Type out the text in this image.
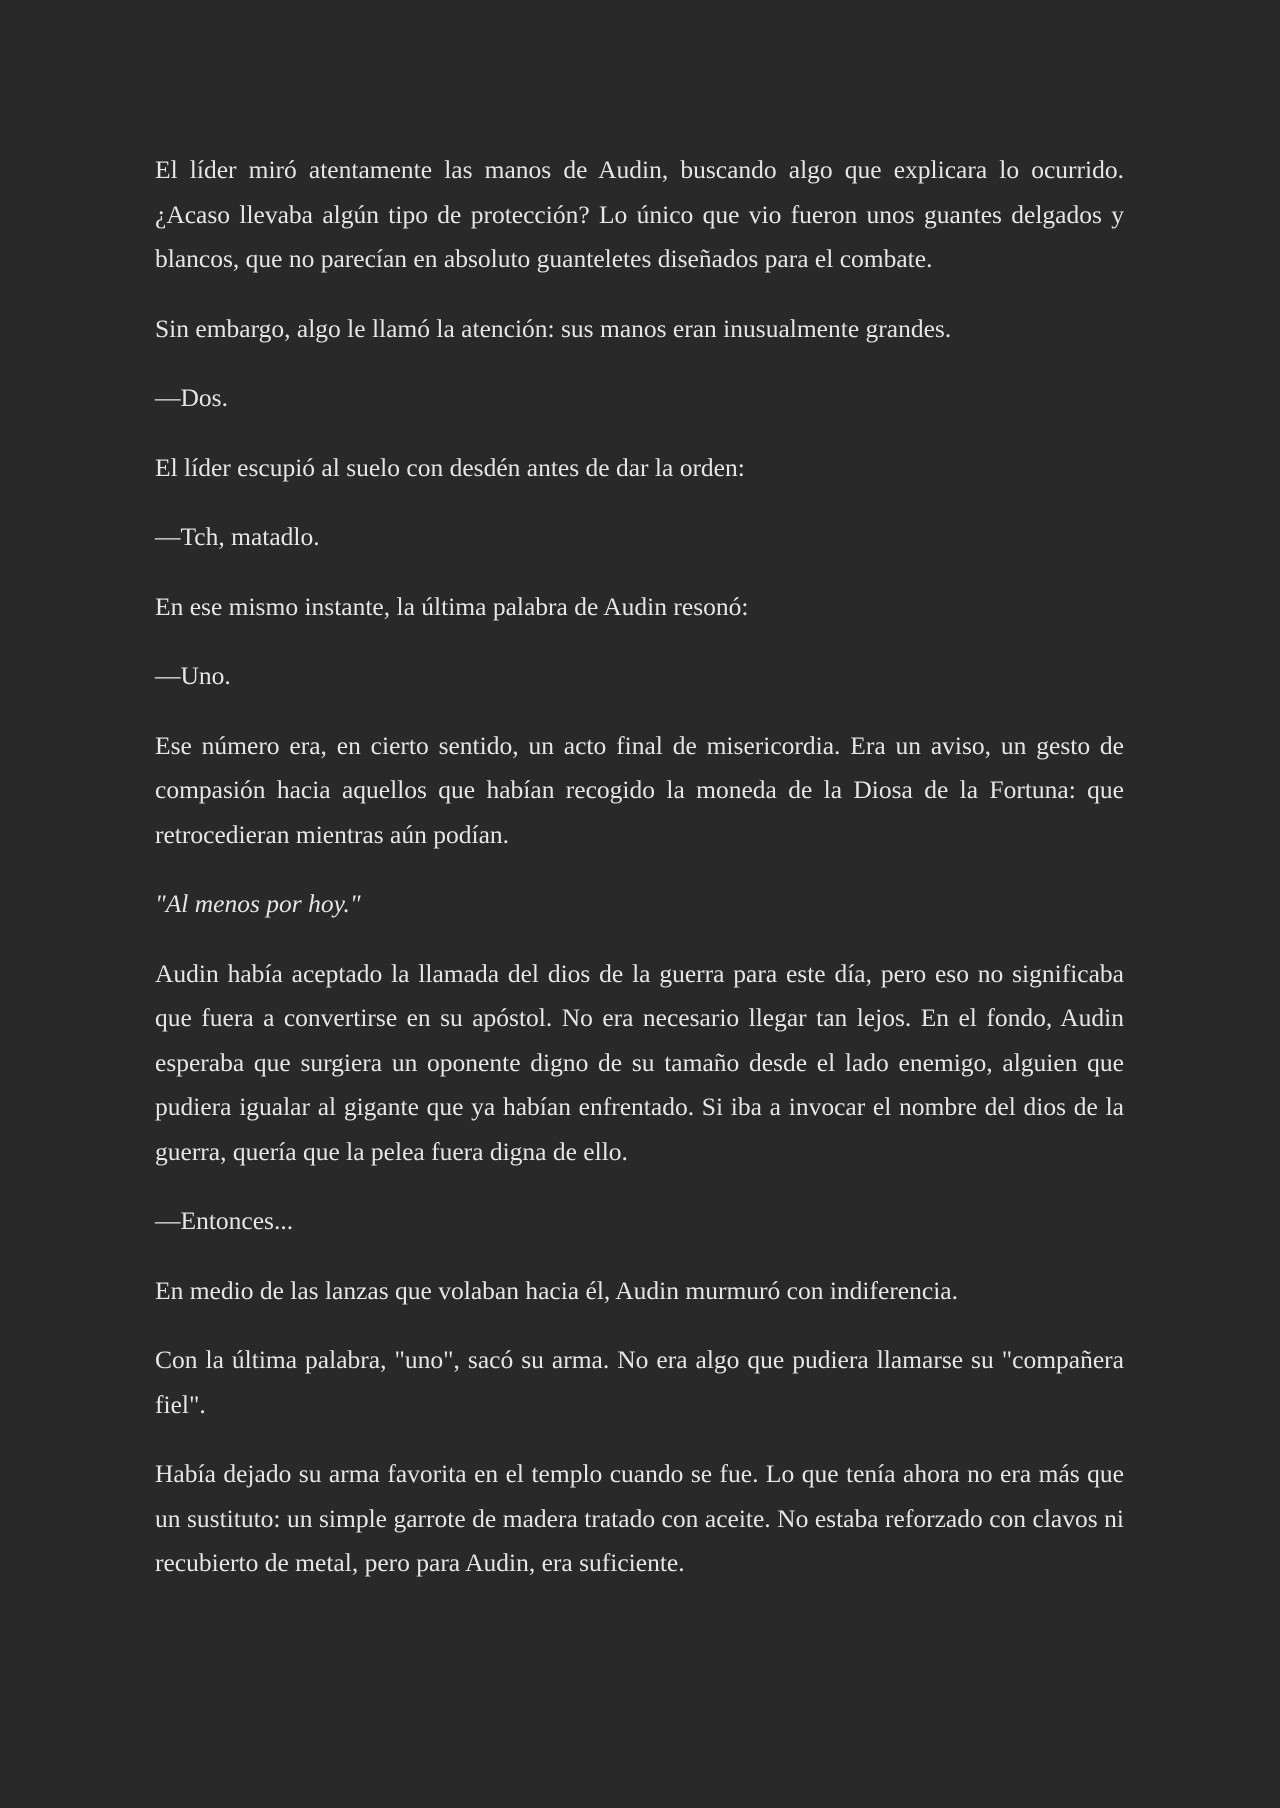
El líder miró atentamente las manos de Audin, buscando algo que explicara lo ocurrido. ¿Acaso llevaba algún tipo de protección? Lo único que vio fueron unos guantes delgados y blancos, que no parecían en absoluto guanteletes diseñados para el combate.

Sin embargo, algo le llamó la atención: sus manos eran inusualmente grandes.

—Dos.

El líder escupió al suelo con desdén antes de dar la orden:

—Tch, matadlo.

En ese mismo instante, la última palabra de Audin resonó:

—Uno.

Ese número era, en cierto sentido, un acto final de misericordia. Era un aviso, un gesto de compasión hacia aquellos que habían recogido la moneda de la Diosa de la Fortuna: que retrocedieran mientras aún podían.

"Al menos por hoy."

Audin había aceptado la llamada del dios de la guerra para este día, pero eso no significaba que fuera a convertirse en su apóstol. No era necesario llegar tan lejos. En el fondo, Audin esperaba que surgiera un oponente digno de su tamaño desde el lado enemigo, alguien que pudiera igualar al gigante que ya habían enfrentado. Si iba a invocar el nombre del dios de la guerra, quería que la pelea fuera digna de ello.

—Entonces...

En medio de las lanzas que volaban hacia él, Audin murmuró con indiferencia.

Con la última palabra, "uno", sacó su arma. No era algo que pudiera llamarse su "compañera fiel".

Había dejado su arma favorita en el templo cuando se fue. Lo que tenía ahora no era más que un sustituto: un simple garrote de madera tratado con aceite. No estaba reforzado con clavos ni recubierto de metal, pero para Audin, era suficiente.
